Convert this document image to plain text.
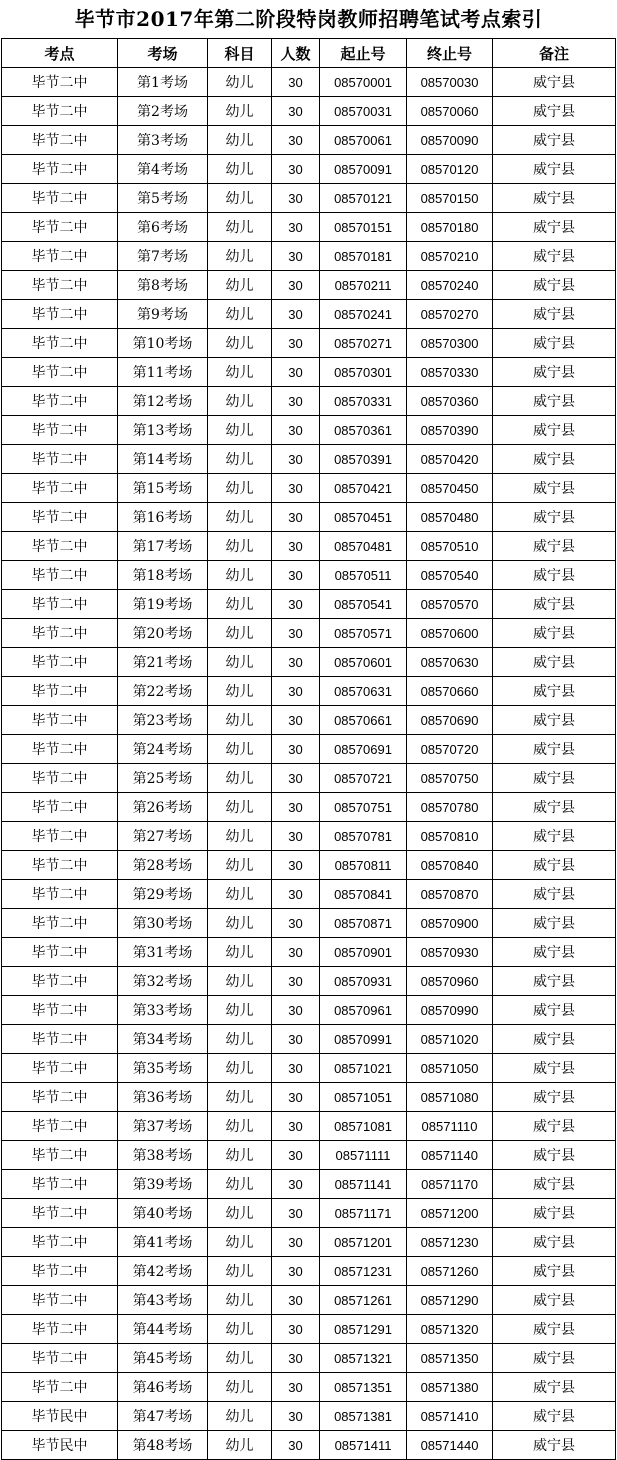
毕节市2017年第二阶段特岗教师招聘笔试考点索引
考点	考场	科目	人数	起止号	终止号	备注
毕节二中	第1考场	幼儿	30	08570001	08570030	威宁县
毕节二中	第2考场	幼儿	30	08570031	08570060	威宁县
毕节二中	第3考场	幼儿	30	08570061	08570090	威宁县
毕节二中	第4考场	幼儿	30	08570091	08570120	威宁县
毕节二中	第5考场	幼儿	30	08570121	08570150	威宁县
毕节二中	第6考场	幼儿	30	08570151	08570180	威宁县
毕节二中	第7考场	幼儿	30	08570181	08570210	威宁县
毕节二中	第8考场	幼儿	30	08570211	08570240	威宁县
毕节二中	第9考场	幼儿	30	08570241	08570270	威宁县
毕节二中	第10考场	幼儿	30	08570271	08570300	威宁县
毕节二中	第11考场	幼儿	30	08570301	08570330	威宁县
毕节二中	第12考场	幼儿	30	08570331	08570360	威宁县
毕节二中	第13考场	幼儿	30	08570361	08570390	威宁县
毕节二中	第14考场	幼儿	30	08570391	08570420	威宁县
毕节二中	第15考场	幼儿	30	08570421	08570450	威宁县
毕节二中	第16考场	幼儿	30	08570451	08570480	威宁县
毕节二中	第17考场	幼儿	30	08570481	08570510	威宁县
毕节二中	第18考场	幼儿	30	08570511	08570540	威宁县
毕节二中	第19考场	幼儿	30	08570541	08570570	威宁县
毕节二中	第20考场	幼儿	30	08570571	08570600	威宁县
毕节二中	第21考场	幼儿	30	08570601	08570630	威宁县
毕节二中	第22考场	幼儿	30	08570631	08570660	威宁县
毕节二中	第23考场	幼儿	30	08570661	08570690	威宁县
毕节二中	第24考场	幼儿	30	08570691	08570720	威宁县
毕节二中	第25考场	幼儿	30	08570721	08570750	威宁县
毕节二中	第26考场	幼儿	30	08570751	08570780	威宁县
毕节二中	第27考场	幼儿	30	08570781	08570810	威宁县
毕节二中	第28考场	幼儿	30	08570811	08570840	威宁县
毕节二中	第29考场	幼儿	30	08570841	08570870	威宁县
毕节二中	第30考场	幼儿	30	08570871	08570900	威宁县
毕节二中	第31考场	幼儿	30	08570901	08570930	威宁县
毕节二中	第32考场	幼儿	30	08570931	08570960	威宁县
毕节二中	第33考场	幼儿	30	08570961	08570990	威宁县
毕节二中	第34考场	幼儿	30	08570991	08571020	威宁县
毕节二中	第35考场	幼儿	30	08571021	08571050	威宁县
毕节二中	第36考场	幼儿	30	08571051	08571080	威宁县
毕节二中	第37考场	幼儿	30	08571081	08571110	威宁县
毕节二中	第38考场	幼儿	30	08571111	08571140	威宁县
毕节二中	第39考场	幼儿	30	08571141	08571170	威宁县
毕节二中	第40考场	幼儿	30	08571171	08571200	威宁县
毕节二中	第41考场	幼儿	30	08571201	08571230	威宁县
毕节二中	第42考场	幼儿	30	08571231	08571260	威宁县
毕节二中	第43考场	幼儿	30	08571261	08571290	威宁县
毕节二中	第44考场	幼儿	30	08571291	08571320	威宁县
毕节二中	第45考场	幼儿	30	08571321	08571350	威宁县
毕节二中	第46考场	幼儿	30	08571351	08571380	威宁县
毕节民中	第47考场	幼儿	30	08571381	08571410	威宁县
毕节民中	第48考场	幼儿	30	08571411	08571440	威宁县
